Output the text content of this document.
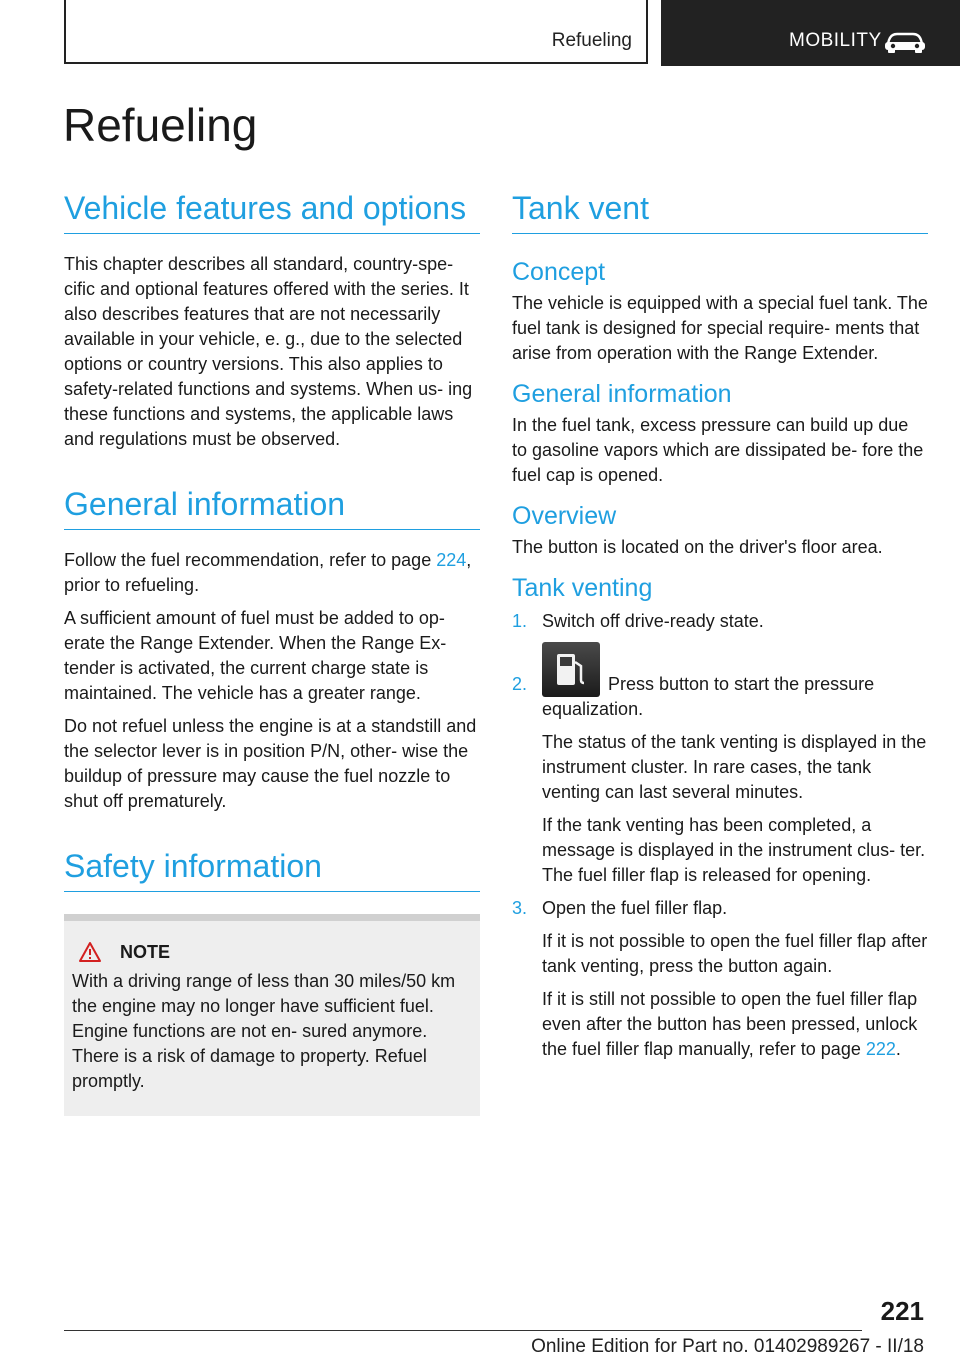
Refueling	MOBILITY
Refueling
Vehicle features and options

This chapter describes all standard, country-spe‐ cific and optional features offered with the series. It also describes features that are not necessarily available in your vehicle, e. g., due to the selected options or country versions. This also applies to safety-related functions and systems. When us‐ ing these functions and systems, the applicable laws and regulations must be observed.

General information

Follow the fuel recommendation, refer to page 224, prior to refueling.

A sufficient amount of fuel must be added to op‐ erate the Range Extender. When the Range Ex‐ tender is activated, the current charge state is maintained. The vehicle has a greater range.

Do not refuel unless the engine is at a standstill and the selector lever is in position P/N, other‐ wise the buildup of pressure may cause the fuel nozzle to shut off prematurely.

Safety information
NOTE

With a driving range of less than 30 miles/50 km the engine may no longer have sufficient fuel. Engine functions are not en‐ sured anymore. There is a risk of damage to property. Refuel promptly.

Tank vent
Concept

The vehicle is equipped with a special fuel tank. The fuel tank is designed for special require‐ ments that arise from operation with the Range Extender.

General information

In the fuel tank, excess pressure can build up due to gasoline vapors which are dissipated be‐ fore the fuel cap is opened.

Overview

The button is located on the driver's floor area.

Tank venting
1. Switch off drive-ready state.

2.	Press button to start the pressure equalization.

The status of the tank venting is displayed in the instrument cluster. In rare cases, the tank venting can last several minutes.

If the tank venting has been completed, a message is displayed in the instrument clus‐ ter. The fuel filler flap is released for opening.

3. Open the fuel filler flap.

If it is not possible to open the fuel filler flap after tank venting, press the button again.

If it is still not possible to open the fuel filler flap even after the button has been pressed, unlock the fuel filler flap manually, refer to page 222.

221
Online Edition for Part no. 01402989267 - II/18
